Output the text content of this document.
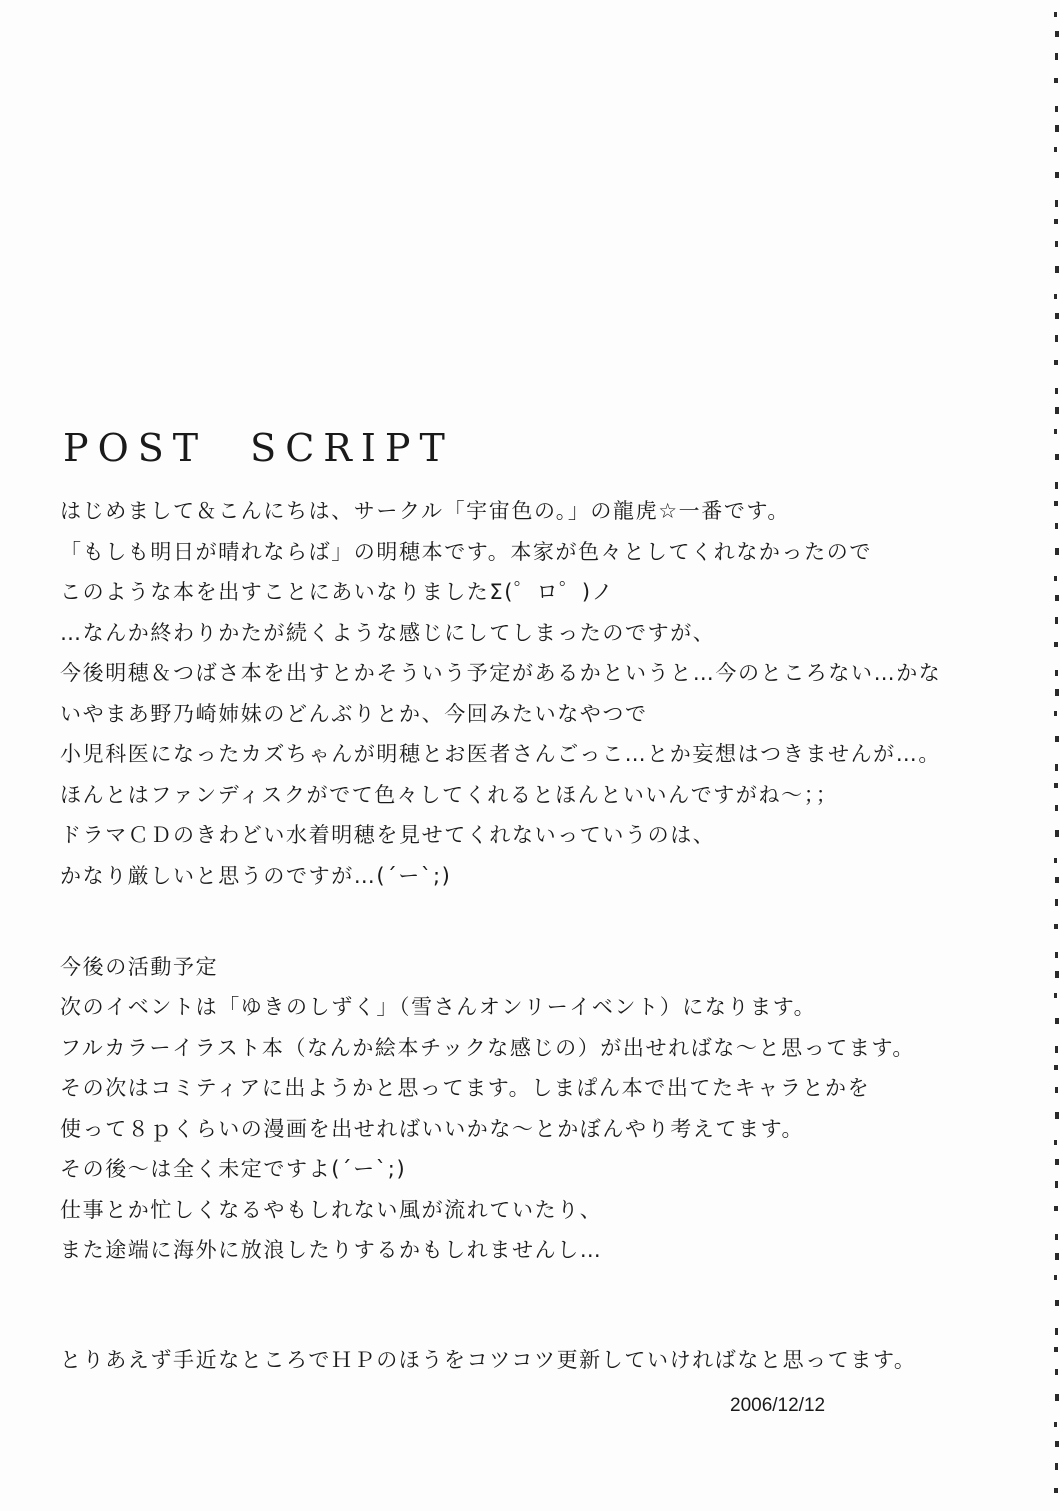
POST SCRIPT
はじめまして＆こんにちは、サークル「宇宙色の。」の龍虎☆一番です。
「もしも明日が晴れならば」の明穂本です。本家が色々としてくれなかったので
このような本を出すことにあいなりましたΣ(゜ロ゜)ノ
…なんか終わりかたが続くような感じにしてしまったのですが、
今後明穂＆つばさ本を出すとかそういう予定があるかというと…今のところない…かな
いやまあ野乃崎姉妹のどんぶりとか、今回みたいなやつで
小児科医になったカズちゃんが明穂とお医者さんごっこ…とか妄想はつきませんが…。
ほんとはファンディスクがでて色々してくれるとほんといいんですがね～；；
ドラマＣＤのきわどい水着明穂を見せてくれないっていうのは、
かなり厳しいと思うのですが…(´ー`;)
今後の活動予定
次のイベントは「ゆきのしずく」（雪さんオンリーイベント）になります。
フルカラーイラスト本（なんか絵本チックな感じの）が出せればな～と思ってます。
その次はコミティアに出ようかと思ってます。しまぱん本で出てたキャラとかを
使って８ｐくらいの漫画を出せればいいかな～とかぼんやり考えてます。
その後～は全く未定ですよ(´ー`;)
仕事とか忙しくなるやもしれない風が流れていたり、
また途端に海外に放浪したりするかもしれませんし…
とりあえず手近なところでＨＰのほうをコツコツ更新していければなと思ってます。
2006/12/12
